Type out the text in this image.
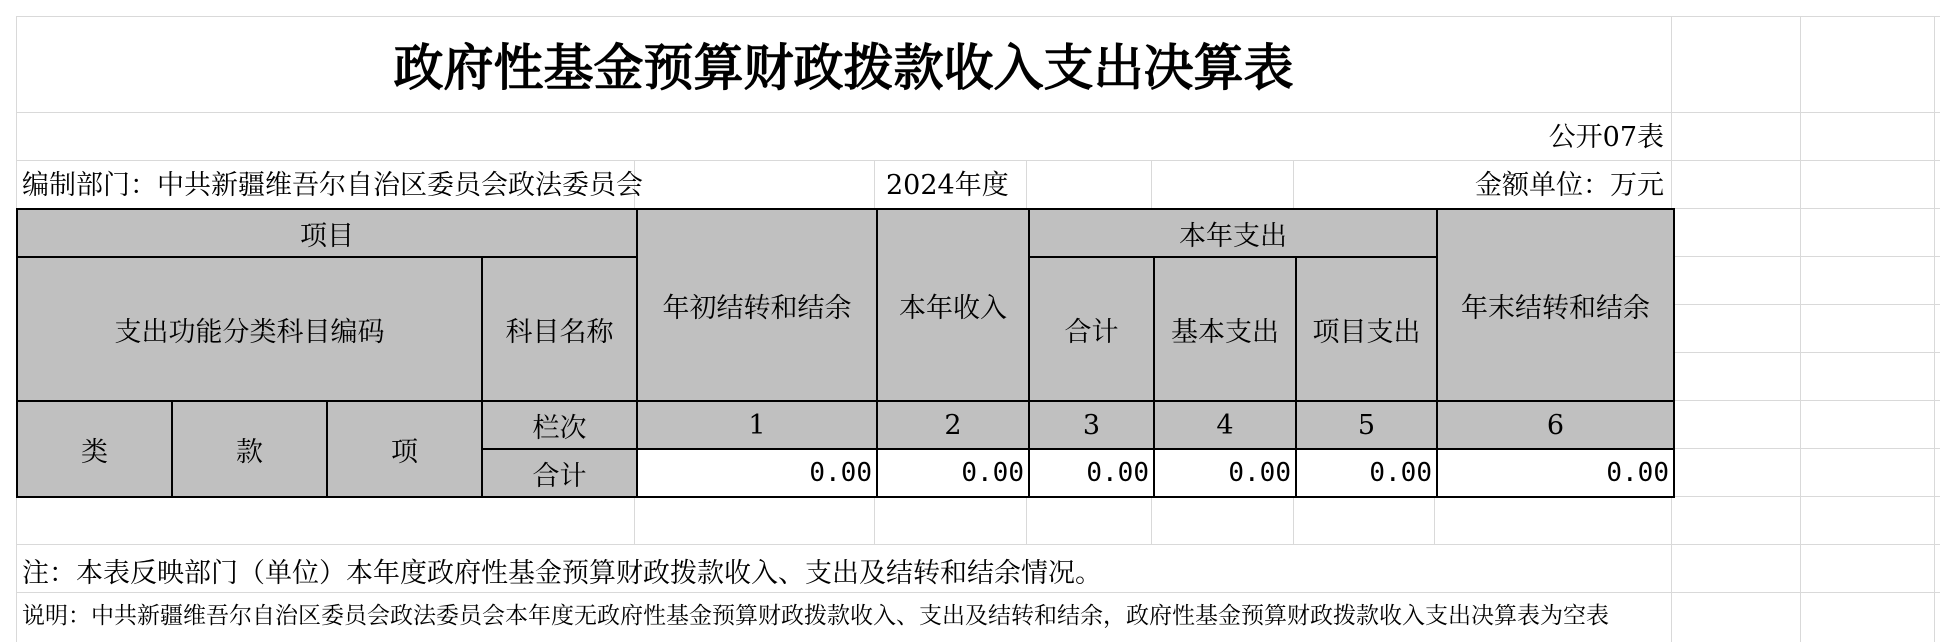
政府性基金预算财政拨款收入支出决算表
公开07表
编制部门：中共新疆维吾尔自治区委员会政法委员会	2024年度	金额单位：万元
项目				年初结转和结余	本年收入	本年支出			年末结转和结余
支出功能分类科目编码			科目名称			合计	基本支出	项目支出	
类	款	项	栏次	1	2	3	4	5	6
			合计	0.00	0.00	0.00	0.00	0.00	0.00
注：本表反映部门（单位）本年度政府性基金预算财政拨款收入、支出及结转和结余情况。
说明：中共新疆维吾尔自治区委员会政法委员会本年度无政府性基金预算财政拨款收入、支出及结转和结余，政府性基金预算财政拨款收入支出决算表为空表
